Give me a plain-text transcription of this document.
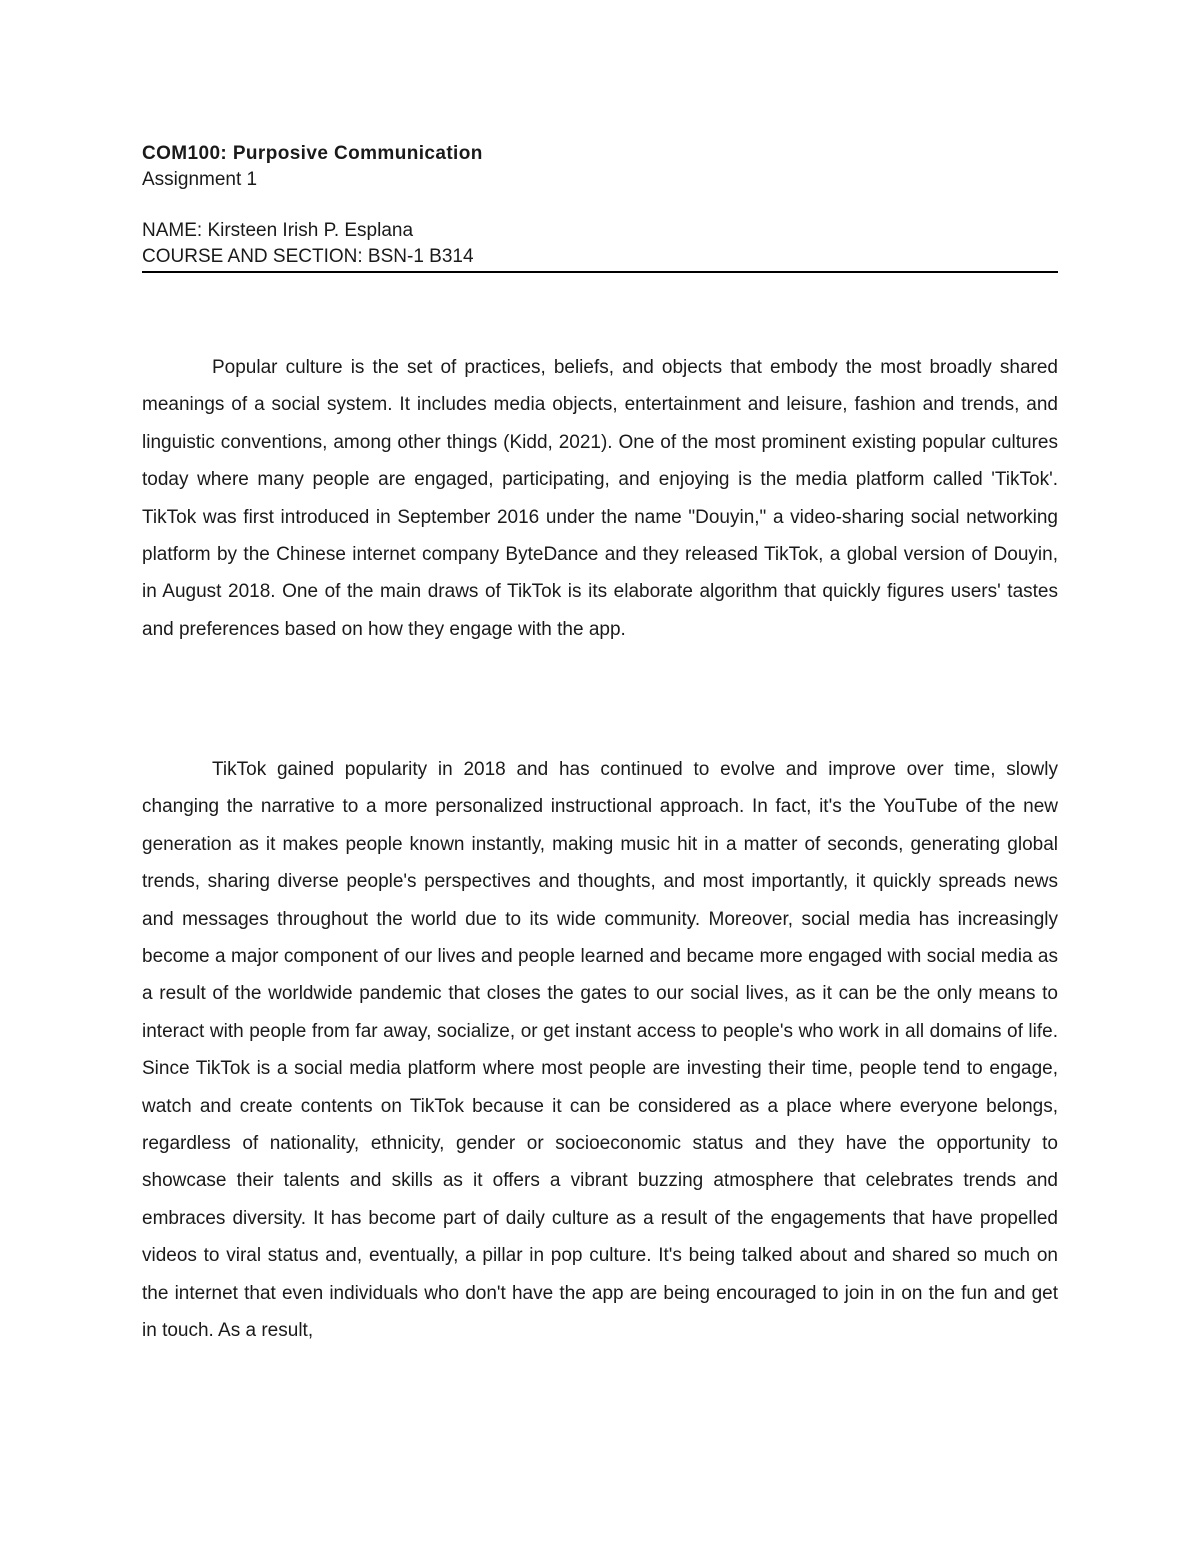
COM100: Purposive Communication

Assignment 1

NAME: Kirsteen Irish P. Esplana

COURSE AND SECTION: BSN-1 B314

Popular culture is the set of practices, beliefs, and objects that embody the most broadly shared meanings of a social system. It includes media objects, entertainment and leisure, fashion and trends, and linguistic conventions, among other things (Kidd, 2021). One of the most prominent existing popular cultures today where many people are engaged, participating, and enjoying is the media platform called 'TikTok'. TikTok was first introduced in September 2016 under the name "Douyin," a video-sharing social networking platform by the Chinese internet company ByteDance and they released TikTok, a global version of Douyin, in August 2018. One of the main draws of TikTok is its elaborate algorithm that quickly figures users' tastes and preferences based on how they engage with the app.

TikTok gained popularity in 2018 and has continued to evolve and improve over time, slowly changing the narrative to a more personalized instructional approach. In fact, it's the YouTube of the new generation as it makes people known instantly, making music hit in a matter of seconds, generating global trends, sharing diverse people's perspectives and thoughts, and most importantly, it quickly spreads news and messages throughout the world due to its wide community. Moreover, social media has increasingly become a major component of our lives and people learned and became more engaged with social media as a result of the worldwide pandemic that closes the gates to our social lives, as it can be the only means to interact with people from far away, socialize, or get instant access to people's who work in all domains of life. Since TikTok is a social media platform where most people are investing their time, people tend to engage, watch and create contents on TikTok because it can be considered as a place where everyone belongs, regardless of nationality, ethnicity, gender or socioeconomic status and they have the opportunity to showcase their talents and skills as it offers a vibrant buzzing atmosphere that celebrates trends and embraces diversity. It has become part of daily culture as a result of the engagements that have propelled videos to viral status and, eventually, a pillar in pop culture. It's being talked about and shared so much on the internet that even individuals who don't have the app are being encouraged to join in on the fun and get in touch. As a result,
